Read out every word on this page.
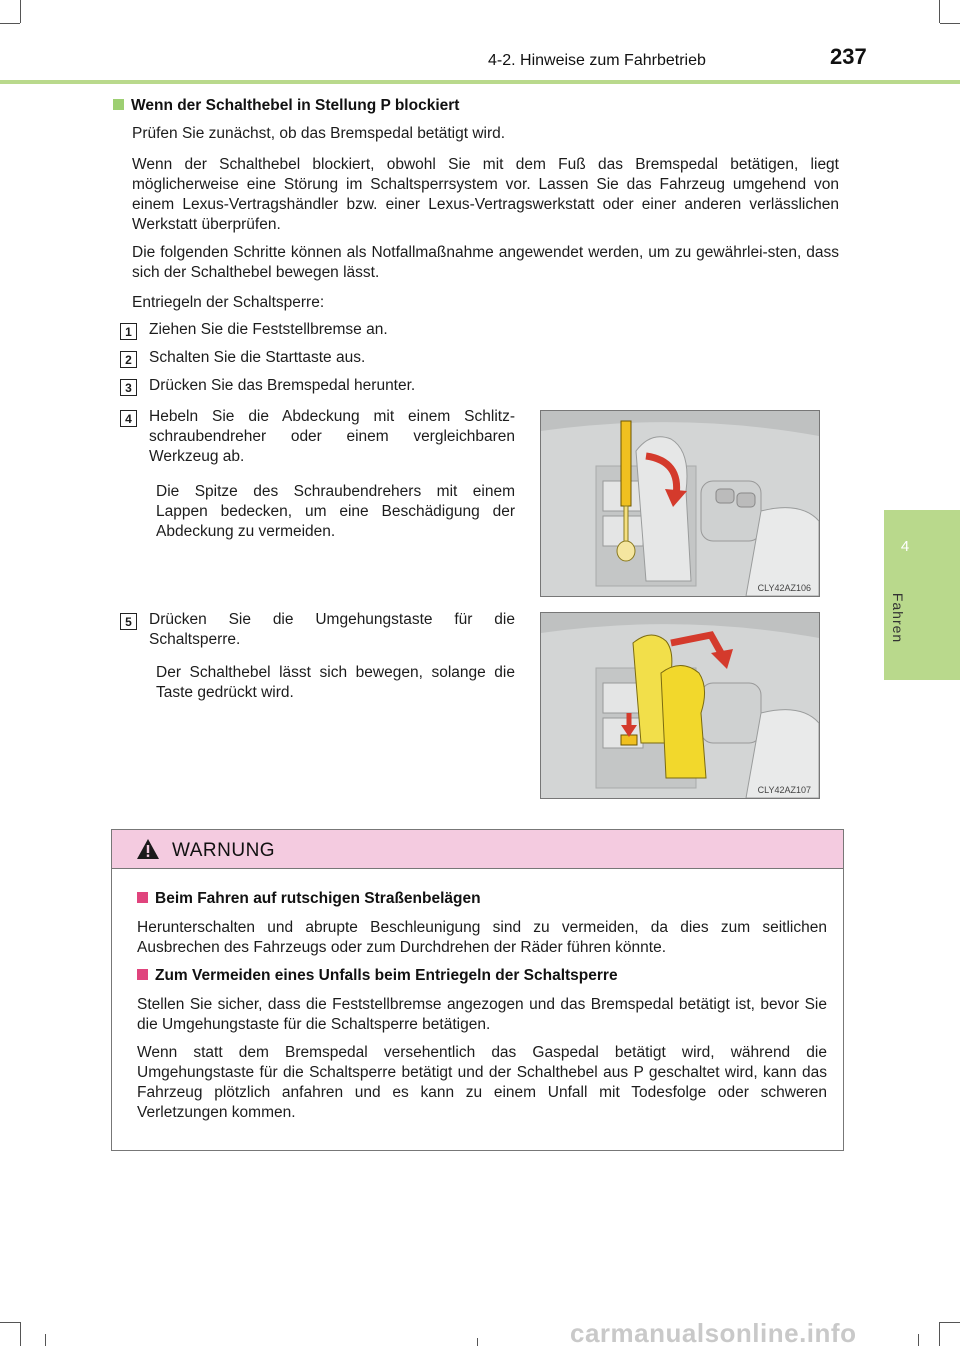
4-2. Hinweise zum Fahrbetrieb	237
4
Fahren
Wenn der Schalthebel in Stellung P blockiert
Prüfen Sie zunächst, ob das Bremspedal betätigt wird.
Wenn der Schalthebel blockiert, obwohl Sie mit dem Fuß das Bremspedal betätigen, liegt möglicherweise eine Störung im Schaltsperrsystem vor. Lassen Sie das Fahrzeug umgehend von einem Lexus-Vertragshändler bzw. einer Lexus-Vertragswerkstatt oder einer anderen verlässlichen Werkstatt überprüfen.
Die folgenden Schritte können als Notfallmaßnahme angewendet werden, um zu gewährlei-sten, dass sich der Schalthebel bewegen lässt.
Entriegeln der Schaltsperre:
1	Ziehen Sie die Feststellbremse an.
2	Schalten Sie die Starttaste aus.
3	Drücken Sie das Bremspedal herunter.
4	Hebeln Sie die Abdeckung mit einem Schlitz-schraubendreher oder einem vergleichbaren Werkzeug ab.
Die Spitze des Schraubendrehers mit einem Lappen bedecken, um eine Beschädigung der Abdeckung zu vermeiden.
5	Drücken Sie die Umgehungstaste für die Schaltsperre.
Der Schalthebel lässt sich bewegen, solange die Taste gedrückt wird.
CLY42AZ106
CLY42AZ107
WARNUNG
Beim Fahren auf rutschigen Straßenbelägen
Herunterschalten und abrupte Beschleunigung sind zu vermeiden, da dies zum seitlichen Ausbrechen des Fahrzeugs oder zum Durchdrehen der Räder führen könnte.
Zum Vermeiden eines Unfalls beim Entriegeln der Schaltsperre
Stellen Sie sicher, dass die Feststellbremse angezogen und das Bremspedal betätigt ist, bevor Sie die Umgehungstaste für die Schaltsperre betätigen.
Wenn statt dem Bremspedal versehentlich das Gaspedal betätigt wird, während die Umgehungstaste für die Schaltsperre betätigt und der Schalthebel aus P geschaltet wird, kann das Fahrzeug plötzlich anfahren und es kann zu einem Unfall mit Todesfolge oder schweren Verletzungen kommen.
carmanualsonline.info
